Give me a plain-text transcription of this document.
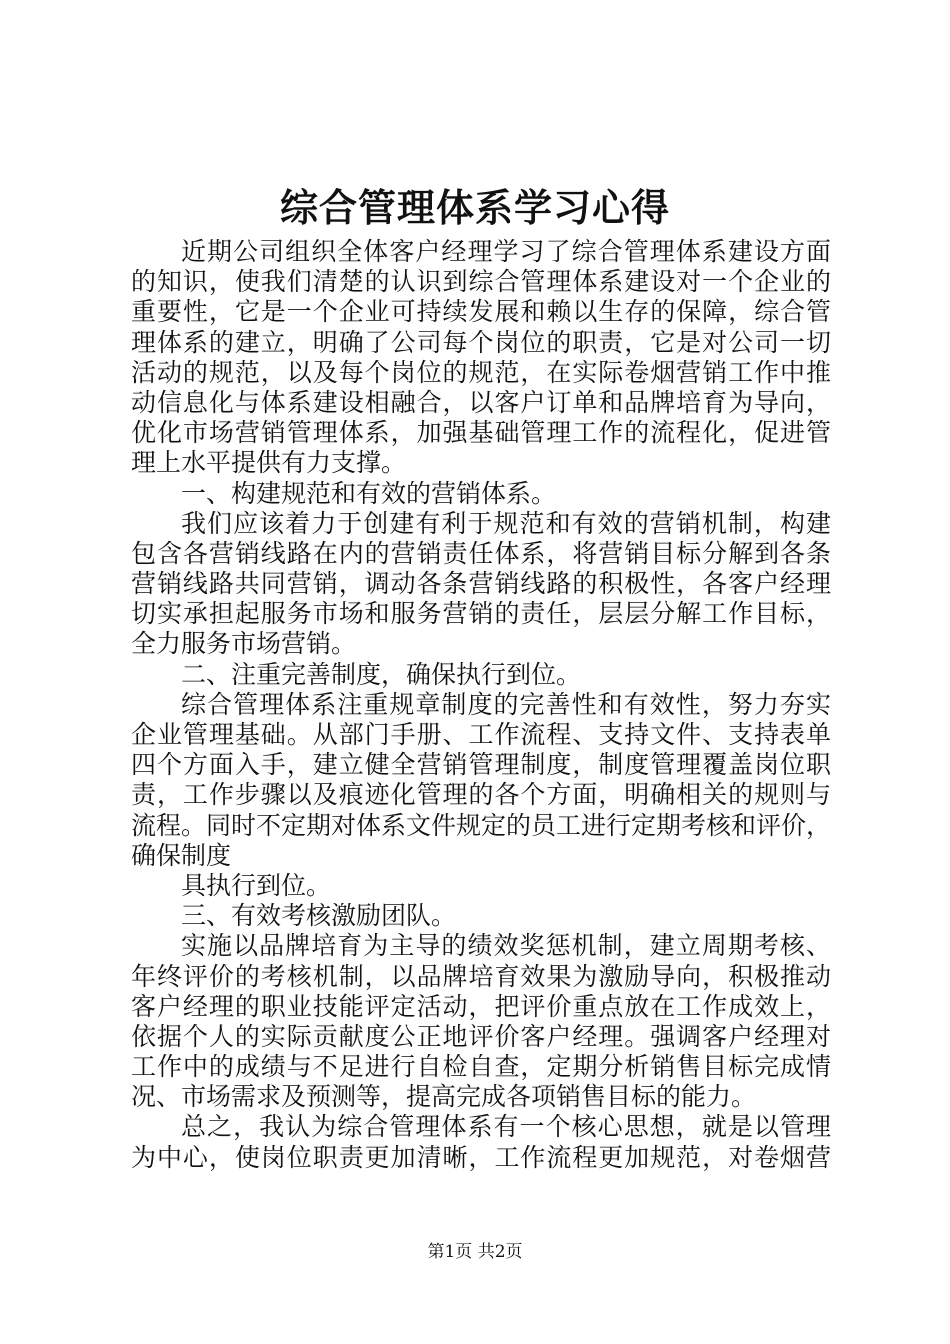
综合管理体系学习心得
近期公司组织全体客户经理学习了综合管理体系建设方面
的知识，使我们清楚的认识到综合管理体系建设对一个企业的
重要性，它是一个企业可持续发展和赖以生存的保障，综合管
理体系的建立，明确了公司每个岗位的职责，它是对公司一切
活动的规范，以及每个岗位的规范，在实际卷烟营销工作中推
动信息化与体系建设相融合，以客户订单和品牌培育为导向，
优化市场营销管理体系，加强基础管理工作的流程化，促进管
理上水平提供有力支撑。
一、构建规范和有效的营销体系。
我们应该着力于创建有利于规范和有效的营销机制，构建
包含各营销线路在内的营销责任体系，将营销目标分解到各条
营销线路共同营销，调动各条营销线路的积极性，各客户经理
切实承担起服务市场和服务营销的责任，层层分解工作目标，
全力服务市场营销。
二、注重完善制度，确保执行到位。
综合管理体系注重规章制度的完善性和有效性，努力夯实
企业管理基础。从部门手册、工作流程、支持文件、支持表单
四个方面入手，建立健全营销管理制度，制度管理覆盖岗位职
责，工作步骤以及痕迹化管理的各个方面，明确相关的规则与
流程。同时不定期对体系文件规定的员工进行定期考核和评价，
确保制度
具执行到位。
三、有效考核激励团队。
实施以品牌培育为主导的绩效奖惩机制，建立周期考核、
年终评价的考核机制，以品牌培育效果为激励导向，积极推动
客户经理的职业技能评定活动，把评价重点放在工作成效上，
依据个人的实际贡献度公正地评价客户经理。强调客户经理对
工作中的成绩与不足进行自检自查，定期分析销售目标完成情
况、市场需求及预测等，提高完成各项销售目标的能力。
总之，我认为综合管理体系有一个核心思想，就是以管理
为中心，使岗位职责更加清晰，工作流程更加规范，对卷烟营
第1页 共2页
